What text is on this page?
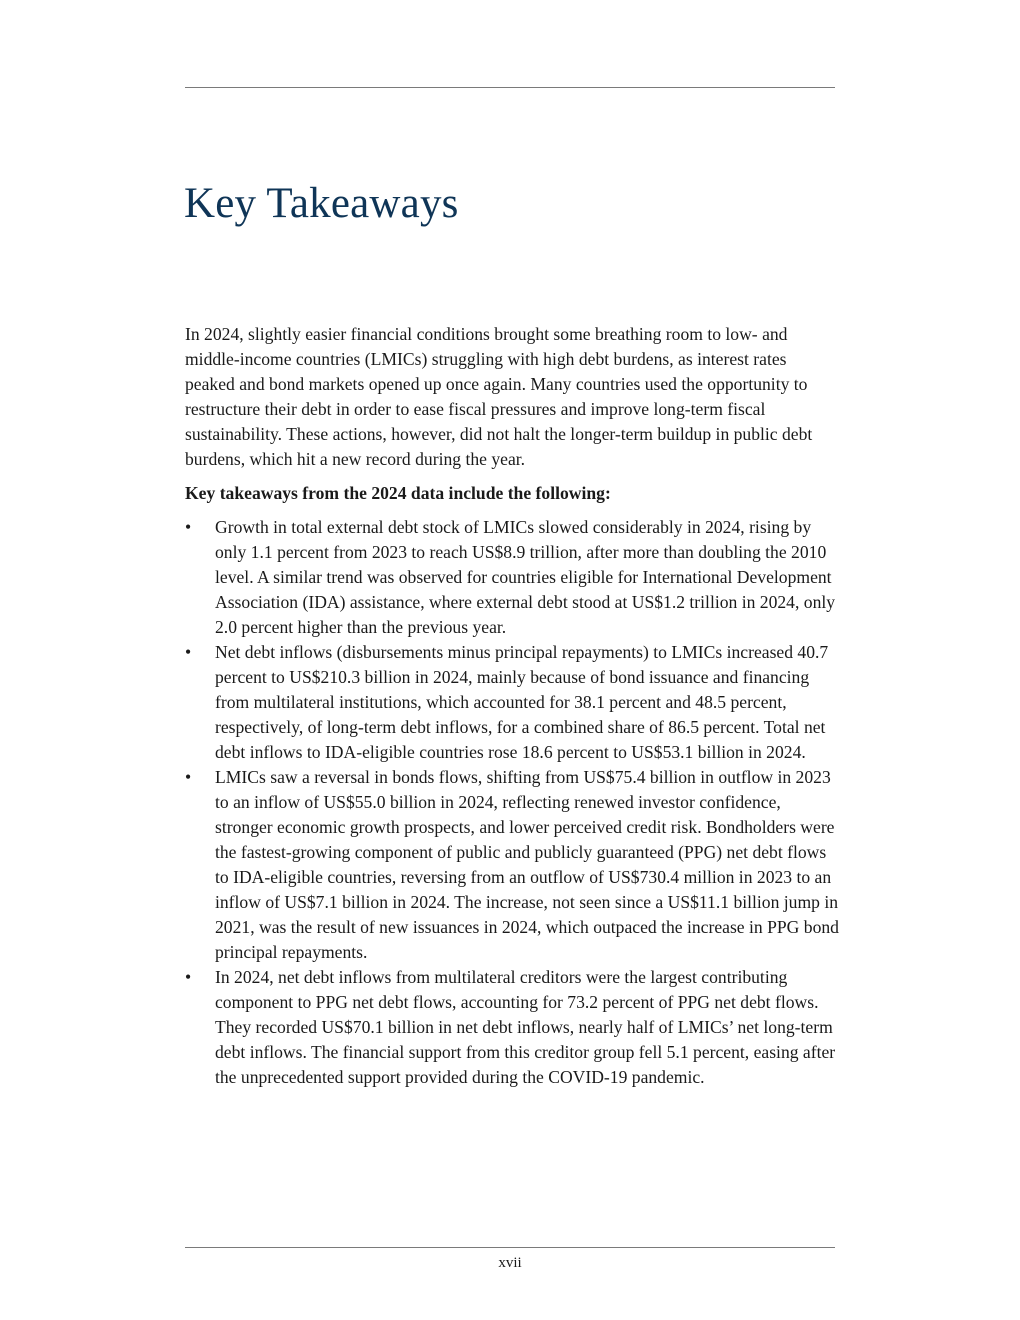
Key Takeaways

In 2024, slightly easier financial conditions brought some breathing room to low- and middle-income countries (LMICs) struggling with high debt burdens, as interest rates peaked and bond markets opened up once again. Many countries used the opportunity to restructure their debt in order to ease fiscal pressures and improve long-term fiscal sustainability. These actions, however, did not halt the longer-term buildup in public debt burdens, which hit a new record during the year.

Key takeaways from the 2024 data include the following:

• Growth in total external debt stock of LMICs slowed considerably in 2024, rising by only 1.1 percent from 2023 to reach US$8.9 trillion, after more than doubling the 2010 level. A similar trend was observed for countries eligible for International Development Association (IDA) assistance, where external debt stood at US$1.2 trillion in 2024, only 2.0 percent higher than the previous year.
• Net debt inflows (disbursements minus principal repayments) to LMICs increased 40.7 percent to US$210.3 billion in 2024, mainly because of bond issuance and financing from multilateral institutions, which accounted for 38.1 percent and 48.5 percent, respectively, of long-term debt inflows, for a combined share of 86.5 percent. Total net debt inflows to IDA-eligible countries rose 18.6 percent to US$53.1 billion in 2024.
• LMICs saw a reversal in bonds flows, shifting from US$75.4 billion in outflow in 2023 to an inflow of US$55.0 billion in 2024, reflecting renewed investor confidence, stronger economic growth prospects, and lower perceived credit risk. Bondholders were the fastest-growing component of public and publicly guaranteed (PPG) net debt flows to IDA-eligible countries, reversing from an outflow of US$730.4 million in 2023 to an inflow of US$7.1 billion in 2024. The increase, not seen since a US$11.1 billion jump in 2021, was the result of new issuances in 2024, which outpaced the increase in PPG bond principal repayments.
• In 2024, net debt inflows from multilateral creditors were the largest contributing component to PPG net debt flows, accounting for 73.2 percent of PPG net debt flows. They recorded US$70.1 billion in net debt inflows, nearly half of LMICs’ net long-term debt inflows. The financial support from this creditor group fell 5.1 percent, easing after the unprecedented support provided during the COVID-19 pandemic.
xvii
